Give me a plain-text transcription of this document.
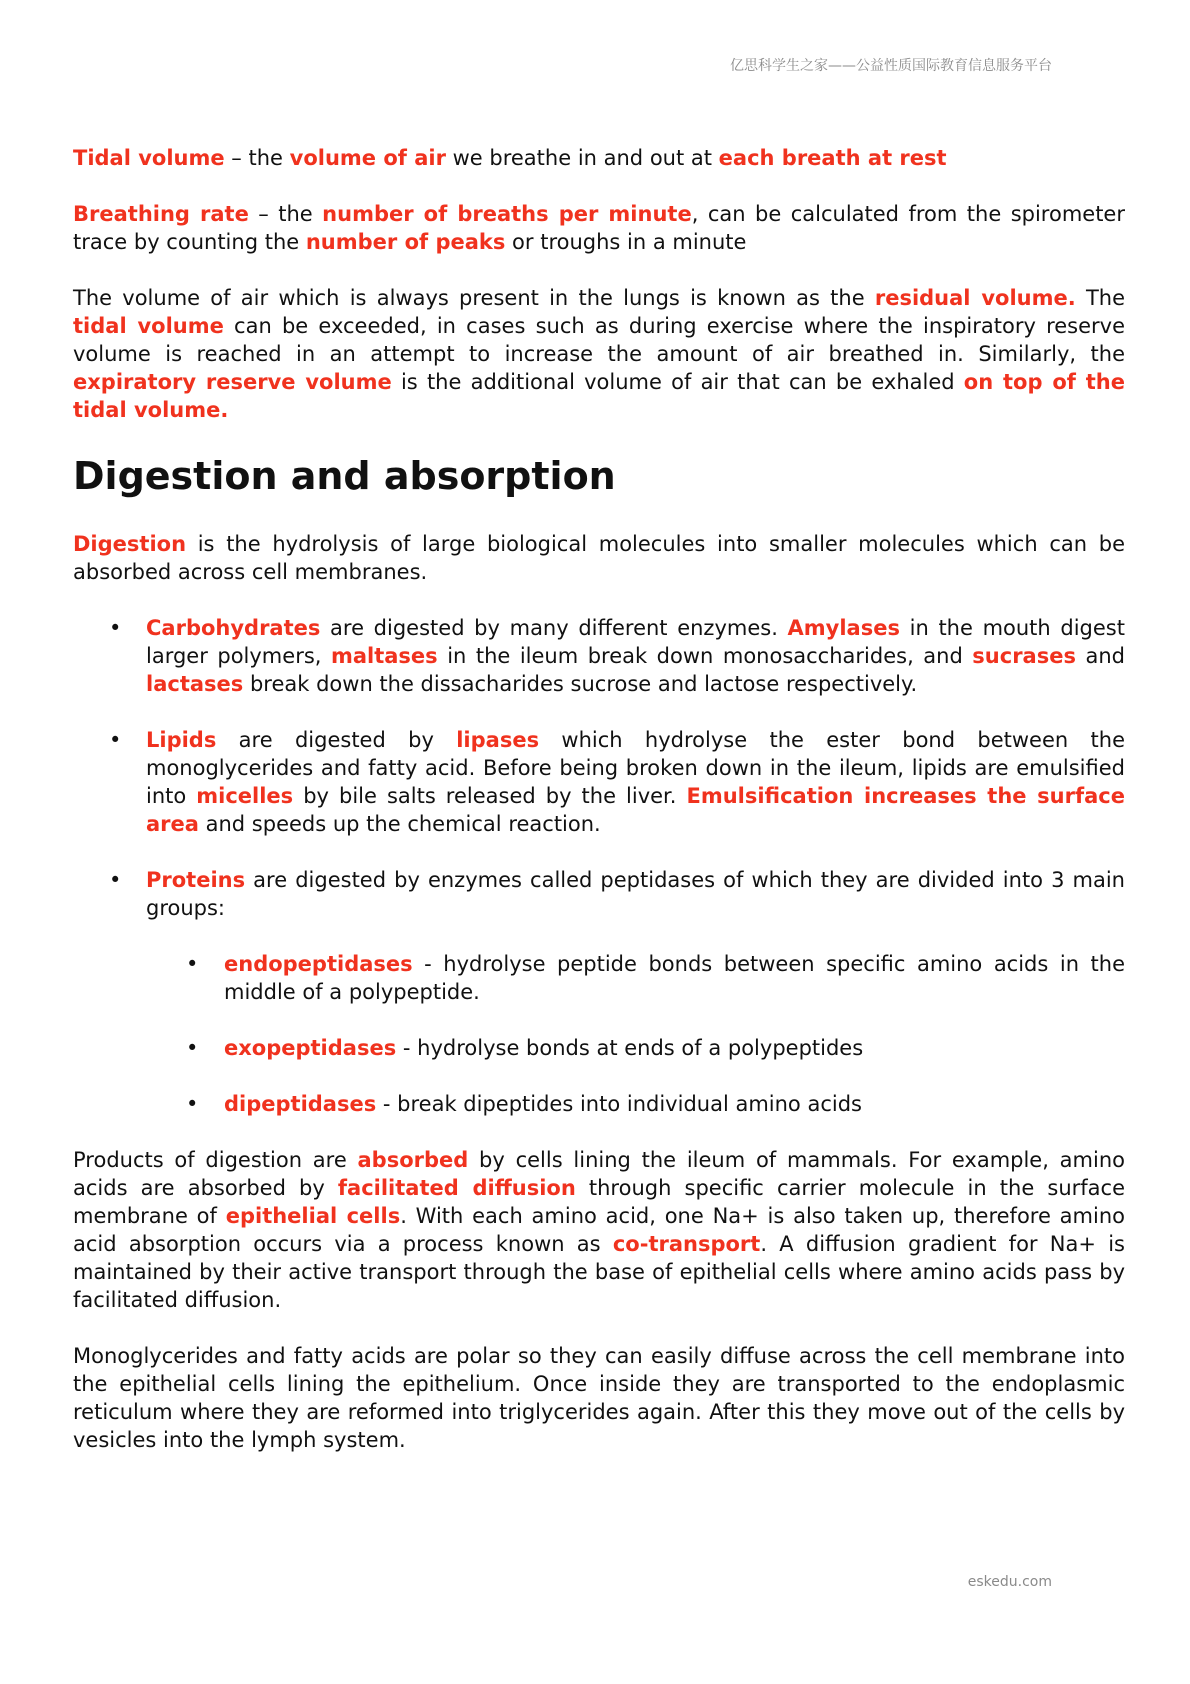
亿思科学生之家——公益性质国际教育信息服务平台

Tidal volume – the volume of air we breathe in and out at each breath at rest

Breathing rate – the number of breaths per minute, can be calculated from the spirometer trace by counting the number of peaks or troughs in a minute

The volume of air which is always present in the lungs is known as the residual volume. The tidal volume can be exceeded, in cases such as during exercise where the inspiratory reserve volume is reached in an attempt to increase the amount of air breathed in. Similarly, the expiratory reserve volume is the additional volume of air that can be exhaled on top of the tidal volume.

Digestion and absorption

Digestion is the hydrolysis of large biological molecules into smaller molecules which can be absorbed across cell membranes.

• Carbohydrates are digested by many different enzymes. Amylases in the mouth digest larger polymers, maltases in the ileum break down monosaccharides, and sucrases and lactases break down the dissacharides sucrose and lactose respectively.

• Lipids are digested by lipases which hydrolyse the ester bond between the monoglycerides and fatty acid. Before being broken down in the ileum, lipids are emulsified into micelles by bile salts released by the liver. Emulsification increases the surface area and speeds up the chemical reaction.

• Proteins are digested by enzymes called peptidases of which they are divided into 3 main groups:

• endopeptidases - hydrolyse peptide bonds between specific amino acids in the middle of a polypeptide.

• exopeptidases - hydrolyse bonds at ends of a polypeptides

• dipeptidases - break dipeptides into individual amino acids

Products of digestion are absorbed by cells lining the ileum of mammals. For example, amino acids are absorbed by facilitated diffusion through specific carrier molecule in the surface membrane of epithelial cells. With each amino acid, one Na+ is also taken up, therefore amino acid absorption occurs via a process known as co-transport. A diffusion gradient for Na+ is maintained by their active transport through the base of epithelial cells where amino acids pass by facilitated diffusion.

Monoglycerides and fatty acids are polar so they can easily diffuse across the cell membrane into the epithelial cells lining the epithelium. Once inside they are transported to the endoplasmic reticulum where they are reformed into triglycerides again. After this they move out of the cells by vesicles into the lymph system.

eskedu.com
